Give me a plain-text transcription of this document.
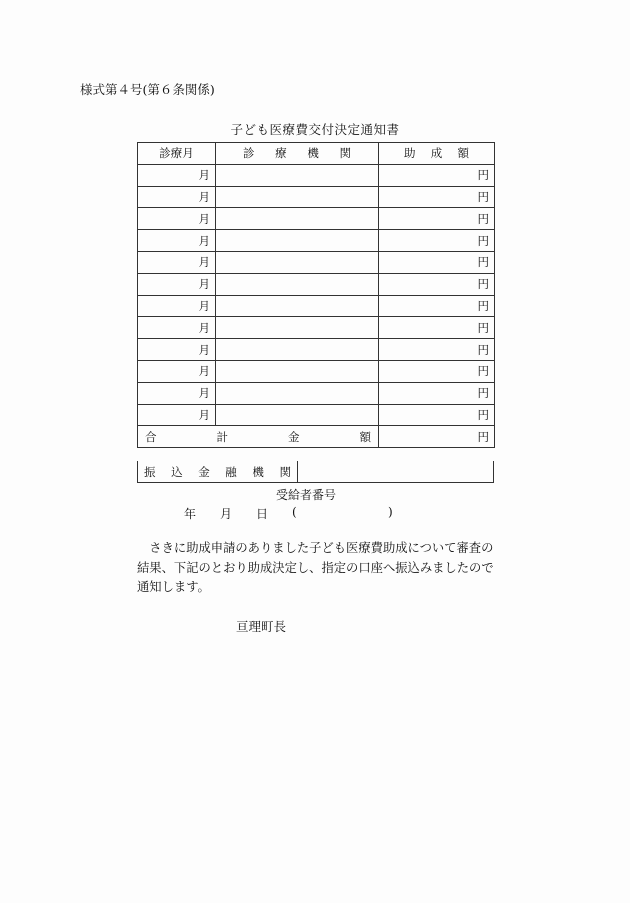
様式第４号(第６条関係)
子ども医療費交付決定通知書
診療月	診 療 機 関	助 成 額

月		円
月		円
月		円
月		円
月		円
月		円
月		円
月		円
月		円
月		円
月		円
月		円

合 計 金 額		円
振 込 金 融 機 関
受給者番号
年	月	日	(	)
さきに助成申請のありました子ども医療費助成について審査の結果、下記のとおり助成決定し、指定の口座へ振込みましたので通知します。
亘理町長
